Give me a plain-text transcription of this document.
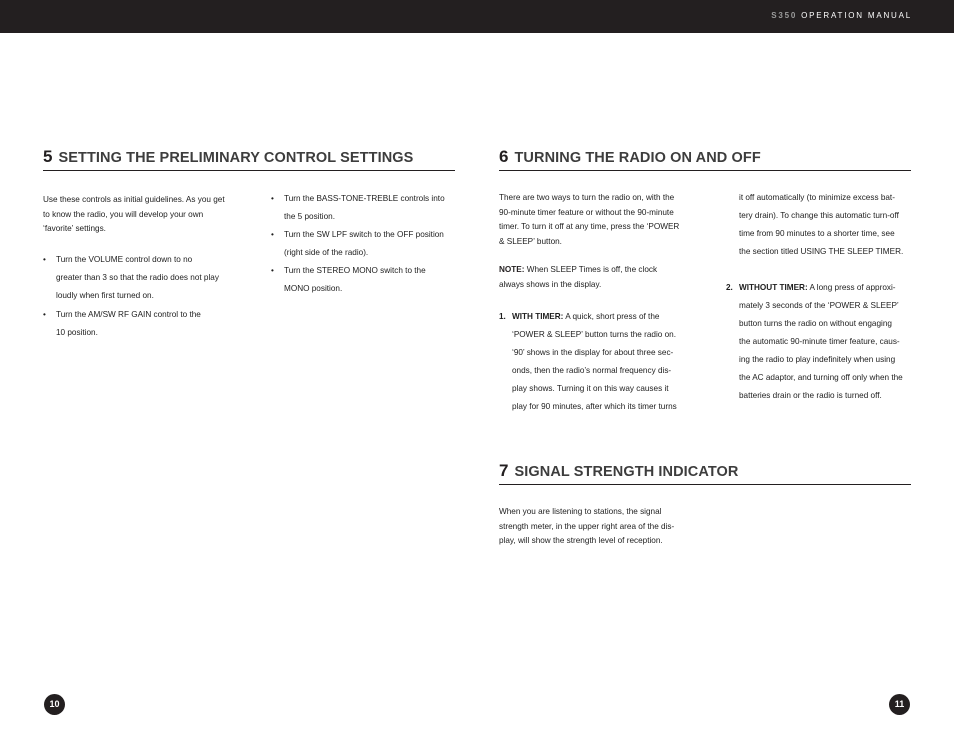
S350 OPERATION MANUAL
5 SETTING THE PRELIMINARY CONTROL SETTINGS
Use these controls as initial guidelines. As you get
to know the radio, you will develop your own
‘favorite’ settings.
• Turn the VOLUME control down to no
greater than 3 so that the radio does not play
loudly when first turned on.
• Turn the AM/SW RF GAIN control to the
10 position.
• Turn the BASS-TONE-TREBLE controls into
the 5 position.
• Turn the SW LPF switch to the OFF position
(right side of the radio).
• Turn the STEREO MONO switch to the
MONO position.
6 TURNING THE RADIO ON AND OFF
There are two ways to turn the radio on, with the
90-minute timer feature or without the 90-minute
timer. To turn it off at any time, press the ‘POWER
& SLEEP’ button.
NOTE: When SLEEP Times is off, the clock
always shows in the display.
1. WITH TIMER: A quick, short press of the
‘POWER & SLEEP’ button turns the radio on.
‘90’ shows in the display for about three sec-
onds, then the radio’s normal frequency dis-
play shows. Turning it on this way causes it
play for 90 minutes, after which its timer turns
it off automatically (to minimize excess bat-
tery drain). To change this automatic turn-off
time from 90 minutes to a shorter time, see
the section titled USING THE SLEEP TIMER.
2. WITHOUT TIMER: A long press of approxi-
mately 3 seconds of the ‘POWER & SLEEP’
button turns the radio on without engaging
the automatic 90-minute timer feature, caus-
ing the radio to play indefinitely when using
the AC adaptor, and turning off only when the
batteries drain or the radio is turned off.
7 SIGNAL STRENGTH INDICATOR
When you are listening to stations, the signal
strength meter, in the upper right area of the dis-
play, will show the strength level of reception.
10	11
